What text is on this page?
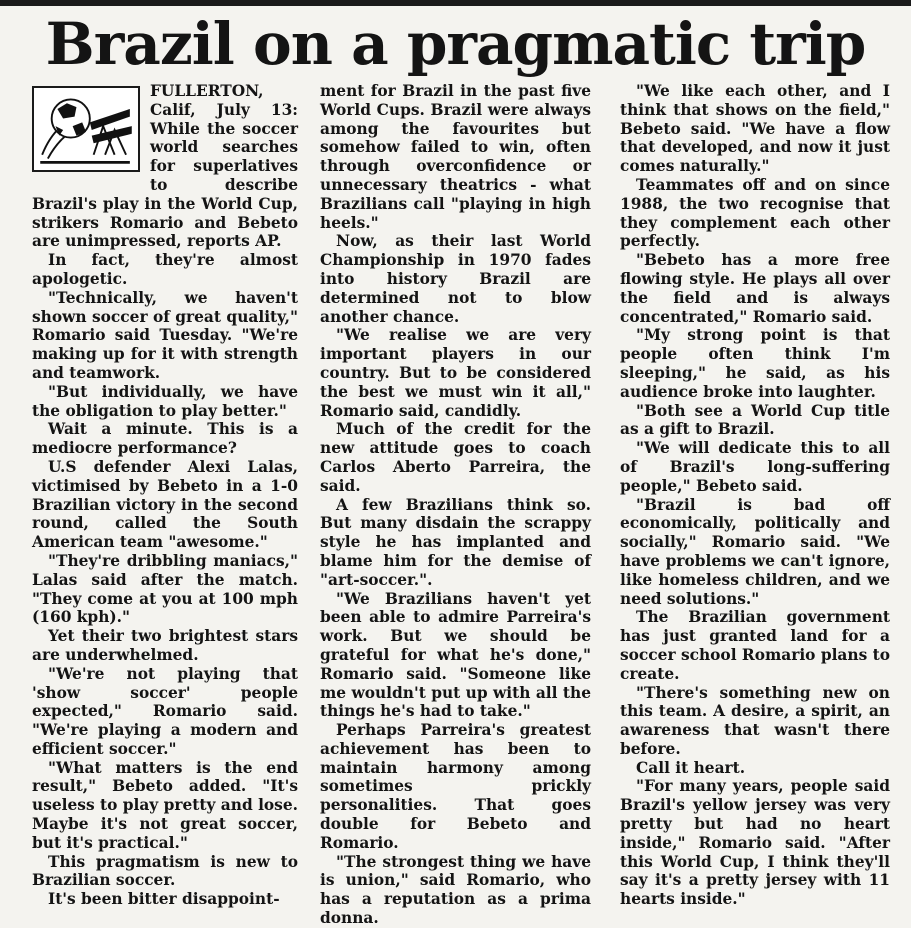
Brazil on a pragmatic trip

FULLERTON, Calif, July 13: While the soccer world searches for superlatives to describe Brazil's play in the World Cup, strikers Romario and Bebeto are unimpressed, reports AP.

In fact, they're almost apologetic.

"Technically, we haven't shown soccer of great quality," Romario said Tuesday. "We're making up for it with strength and teamwork.

"But individually, we have the obligation to play better."

Wait a minute. This is a mediocre performance?

U.S defender Alexi Lalas, victimised by Bebeto in a 1-0 Brazilian victory in the second round, called the South American team "awesome."

"They're dribbling maniacs," Lalas said after the match. "They come at you at 100 mph (160 kph)."

Yet their two brightest stars are underwhelmed.

"We're not playing that 'show soccer' people expected," Romario said. "We're playing a modern and efficient soccer."

"What matters is the end result," Bebeto added. "It's useless to play pretty and lose. Maybe it's not great soccer, but it's practical."

This pragmatism is new to Brazilian soccer.

It's been bitter disappoint-

ment for Brazil in the past five World Cups. Brazil were always among the favourites but somehow failed to win, often through overconfidence or unnecessary theatrics - what Brazilians call "playing in high heels."

Now, as their last World Championship in 1970 fades into history Brazil are determined not to blow another chance.

"We realise we are very important players in our country. But to be considered the best we must win it all," Romario said, candidly.

Much of the credit for the new attitude goes to coach Carlos Aberto Parreira, the said.

A few Brazilians think so. But many disdain the scrappy style he has implanted and blame him for the demise of "art-soccer.".

"We Brazilians haven't yet been able to admire Parreira's work. But we should be grateful for what he's done," Romario said. "Someone like me wouldn't put up with all the things he's had to take."

Perhaps Parreira's greatest achievement has been to maintain harmony among sometimes prickly personalities. That goes double for Bebeto and Romario.

"The strongest thing we have is union," said Romario, who has a reputation as a prima donna.

"We like each other, and I think that shows on the field," Bebeto said. "We have a flow that developed, and now it just comes naturally."

Teammates off and on since 1988, the two recognise that they complement each other perfectly.

"Bebeto has a more free flowing style. He plays all over the field and is always concentrated," Romario said.

"My strong point is that people often think I'm sleeping," he said, as his audience broke into laughter.

"Both see a World Cup title as a gift to Brazil.

"We will dedicate this to all of Brazil's long-suffering people," Bebeto said.

"Brazil is bad off economically, politically and socially," Romario said. "We have problems we can't ignore, like homeless children, and we need solutions."

The Brazilian government has just granted land for a soccer school Romario plans to create.

"There's something new on this team. A desire, a spirit, an awareness that wasn't there before.

Call it heart.

"For many years, people said Brazil's yellow jersey was very pretty but had no heart inside," Romario said. "After this World Cup, I think they'll say it's a pretty jersey with 11 hearts inside."
